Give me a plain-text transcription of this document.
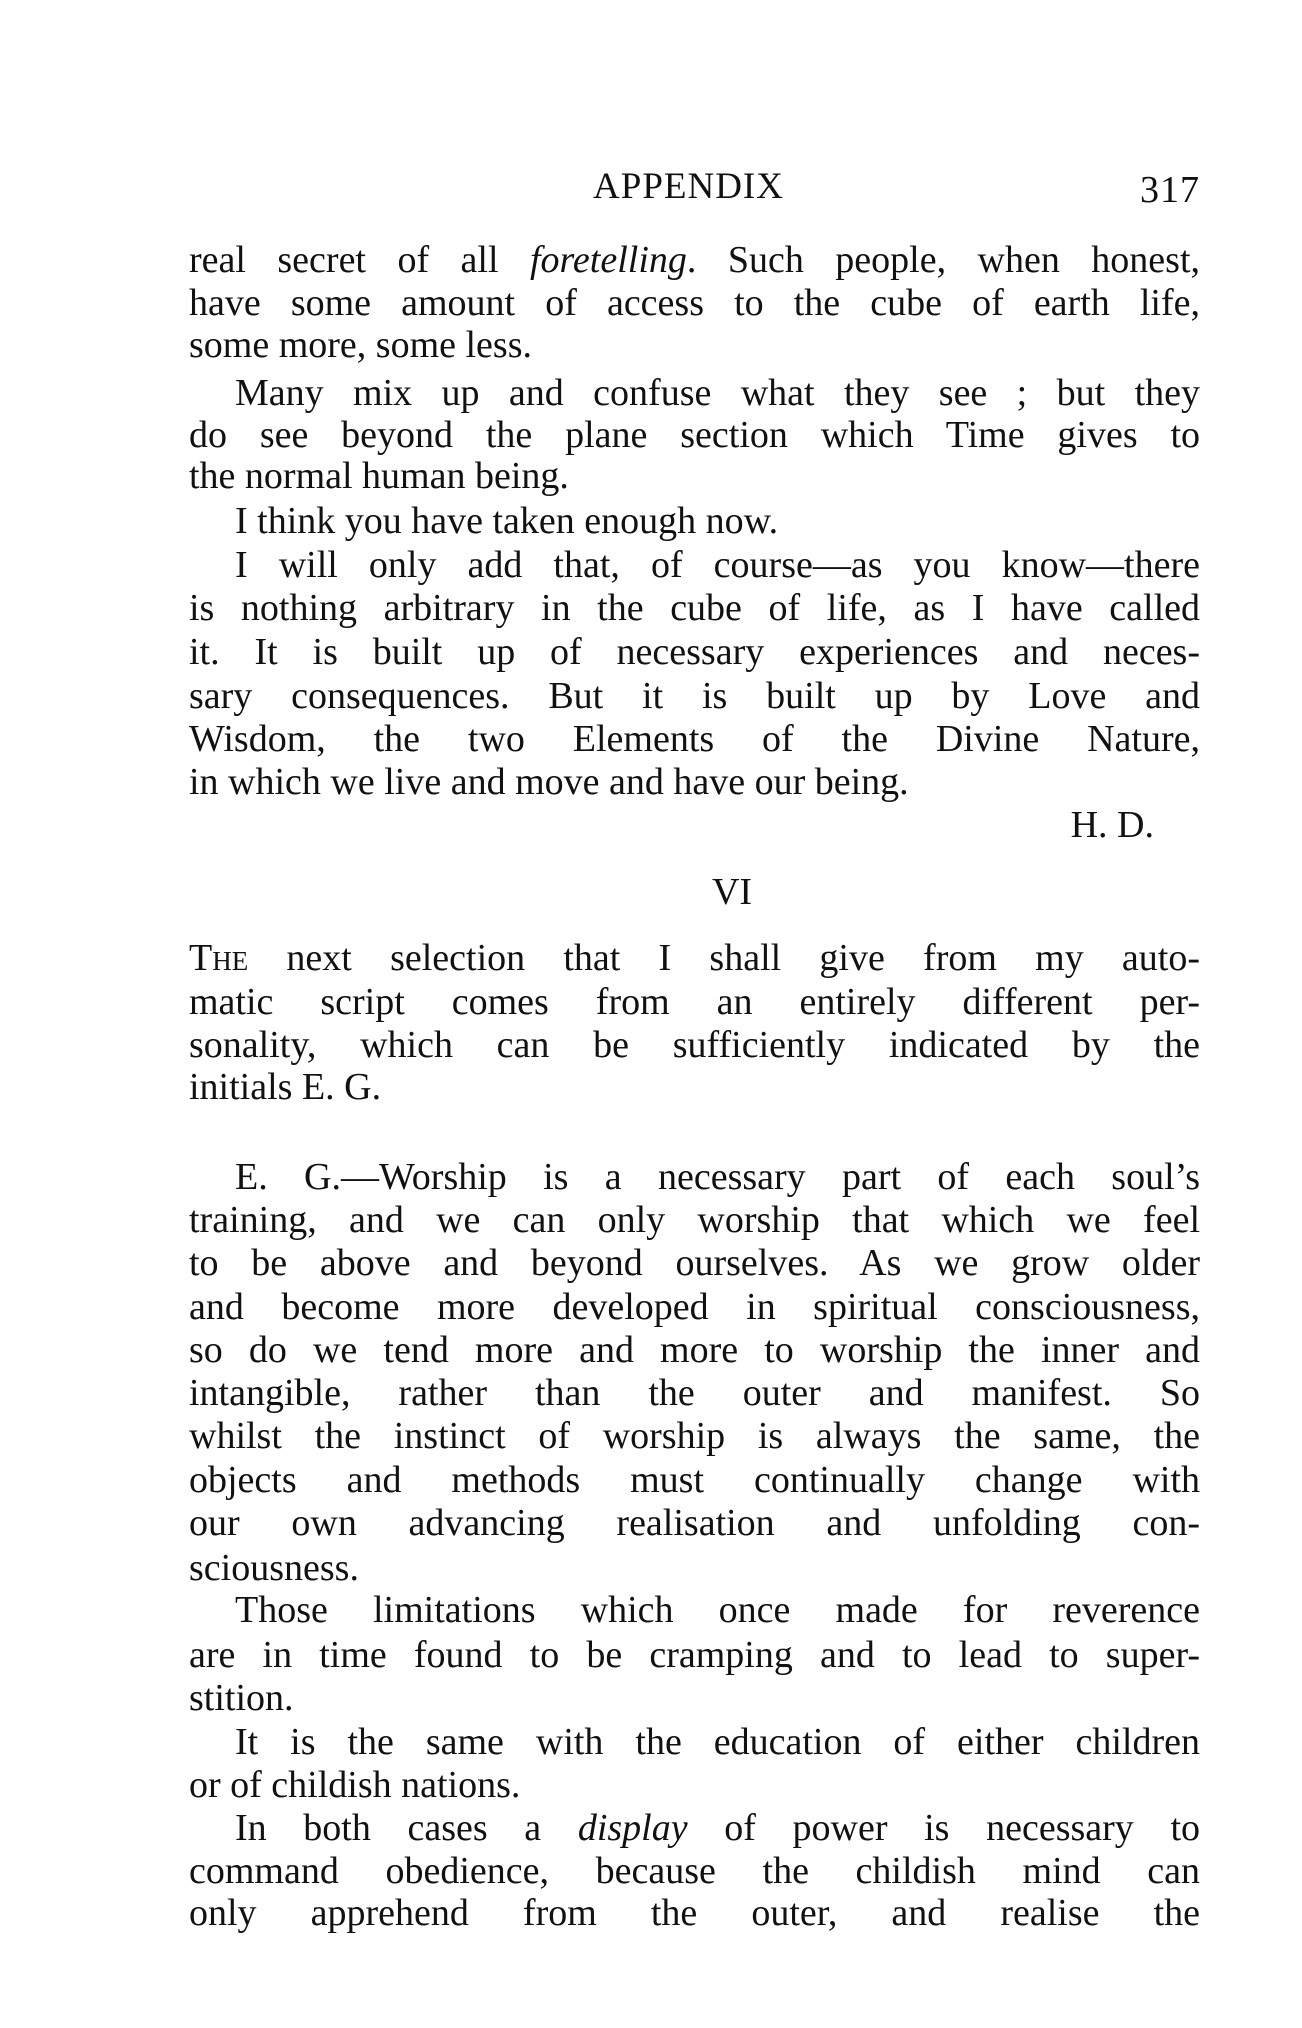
APPENDIX	317
real secret of all foretelling. Such people, when honest,
have some amount of access to the cube of earth life,
some more, some less.
Many mix up and confuse what they see ; but they
do see beyond the plane section which Time gives to
the normal human being.
I think you have taken enough now.
I will only add that, of course—as you know—there
is nothing arbitrary in the cube of life, as I have called
it. It is built up of necessary experiences and neces-
sary consequences. But it is built up by Love and
Wisdom, the two Elements of the Divine Nature,
in which we live and move and have our being.
H. D.
VI
The next selection that I shall give from my auto-
matic script comes from an entirely different per-
sonality, which can be sufficiently indicated by the
initials E. G.
E. G.—Worship is a necessary part of each soul’s
training, and we can only worship that which we feel
to be above and beyond ourselves. As we grow older
and become more developed in spiritual consciousness,
so do we tend more and more to worship the inner and
intangible, rather than the outer and manifest. So
whilst the instinct of worship is always the same, the
objects and methods must continually change with
our own advancing realisation and unfolding con-
sciousness.
Those limitations which once made for reverence
are in time found to be cramping and to lead to super-
stition.
It is the same with the education of either children
or of childish nations.
In both cases a display of power is necessary to
command obedience, because the childish mind can
only apprehend from the outer, and realise the
